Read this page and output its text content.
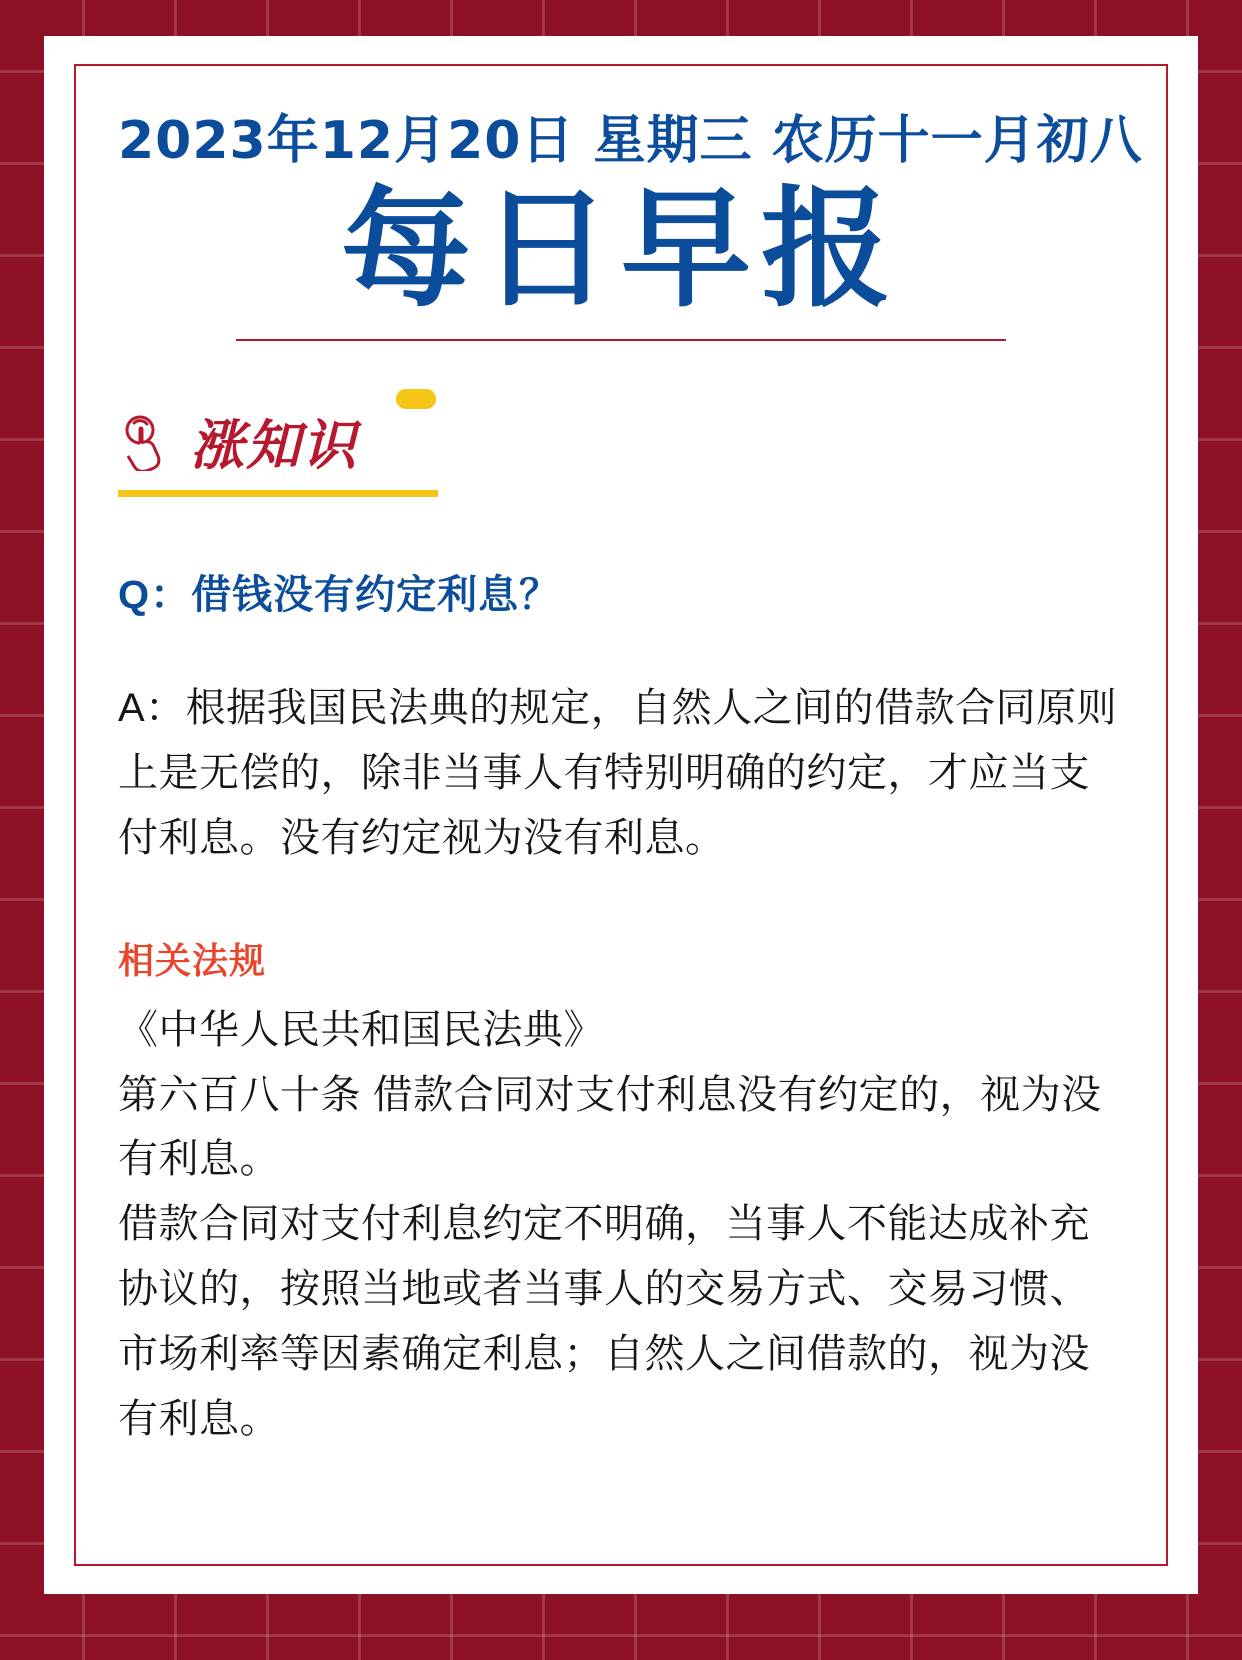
2023年12月20日 星期三 农历十一月初八
每日早报
涨知识
Q：借钱没有约定利息？
A：根据我国民法典的规定，自然人之间的借款合同原则上是无偿的，除非当事人有特别明确的约定，才应当支付利息。没有约定视为没有利息。
相关法规

《中华人民共和国民法典》

第六百八十条 借款合同对支付利息没有约定的，视为没有利息。

借款合同对支付利息约定不明确，当事人不能达成补充协议的，按照当地或者当事人的交易方式、交易习惯、市场利率等因素确定利息；自然人之间借款的，视为没有利息。
